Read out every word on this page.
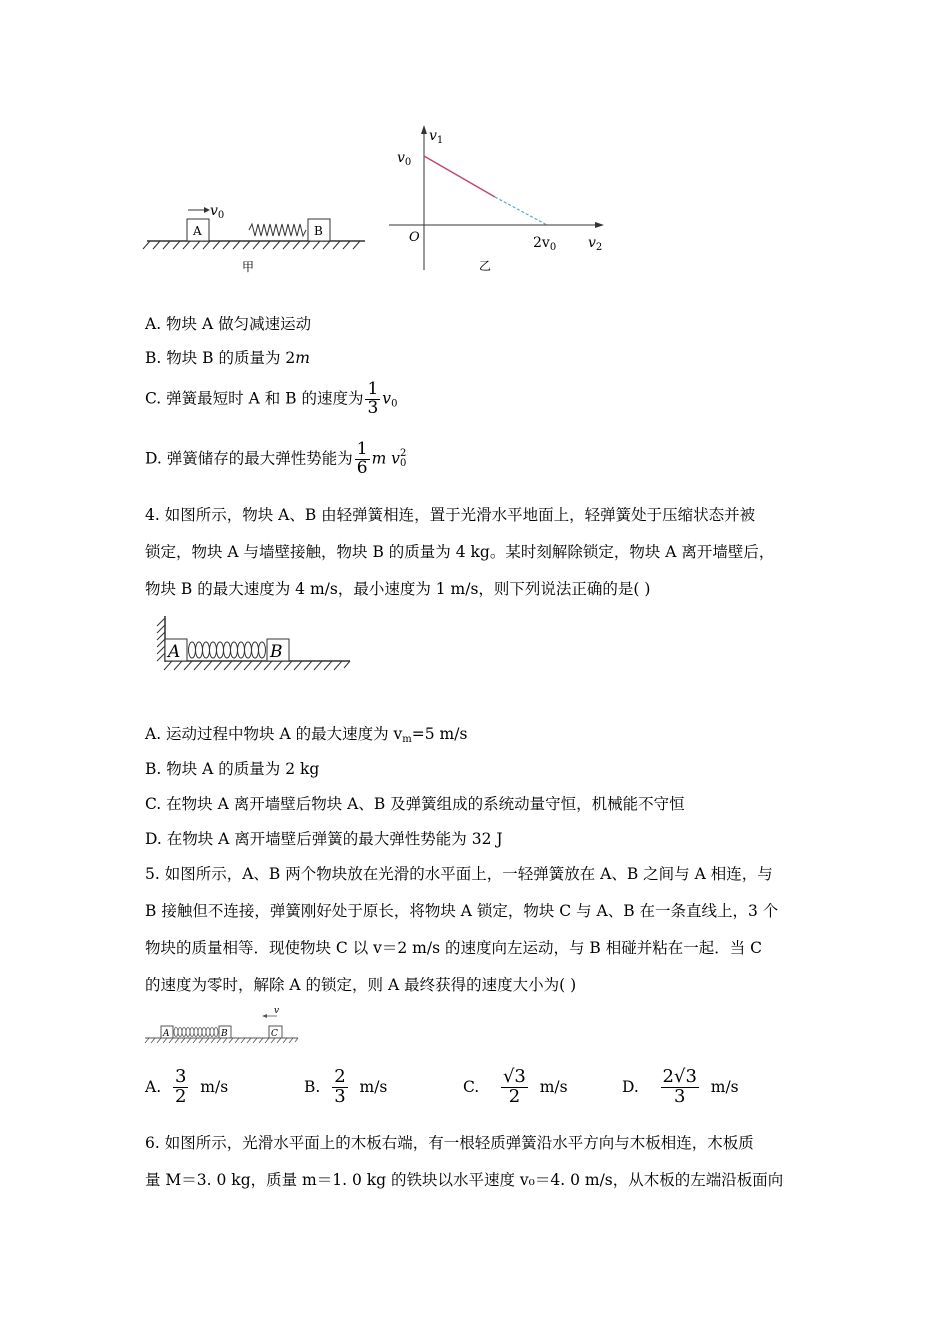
A	B
$v_0$
甲
$v_1$
$v_0$
O	$2v_0$ $v_2$
乙
A. 物块 A 做匀减速运动
B. 物块 B 的质量为 2m
C. 弹簧最短时 A 和 B 的速度为 $\frac{1}{3} v_0$
D. 弹簧储存的最大弹性势能为 $\frac{1}{6}$ m v 2
0
4. 如图所示，物块 A、B 由轻弹簧相连，置于光滑水平地面上，轻弹簧处于压缩状态并被
锁定，物块 A 与墙壁接触，物块 B 的质量为 4 kg。某时刻解除锁定，物块 A 离开墙壁后，
物块 B 的最大速度为 4 m/s，最小速度为 1 m/s，则下列说法正确的是( )
A	B
A. 运动过程中物块 A 的最大速度为 $v_m=5$ m/s
B. 物块 A 的质量为 2 kg
C. 在物块 A 离开墙壁后物块 A、B 及弹簧组成的系统动量守恒，机械能不守恒
D. 在物块 A 离开墙壁后弹簧的最大弹性势能为 32 J
5. 如图所示，A、B 两个物块放在光滑的水平面上，一轻弹簧放在 A、B 之间与 A 相连，与
B 接触但不连接，弹簧刚好处于原长，将物块 A 锁定，物块 C 与 A、B 在一条直线上，3 个
物块的质量相等．现使物块 C 以 v＝2 m/s 的速度向左运动，与 B 相碰并粘在一起．当 C
的速度为零时，解除 A 的锁定，则 A 最终获得的速度大小为( )
A	B	C
v
A.
$\frac{3}{2}$
m/s	B.
$\frac{2}{3}$
m/s	C.
$\frac{√3}{2}$
m/s	D.
$\frac{2√3}{3}$
m/s
6. 如图所示，光滑水平面上的木板右端，有一根轻质弹簧沿水平方向与木板相连，木板质
量 M＝3. 0 kg，质量 m＝1. 0 kg 的铁块以水平速度 v₀＝4. 0 m/s，从木板的左端沿板面向
